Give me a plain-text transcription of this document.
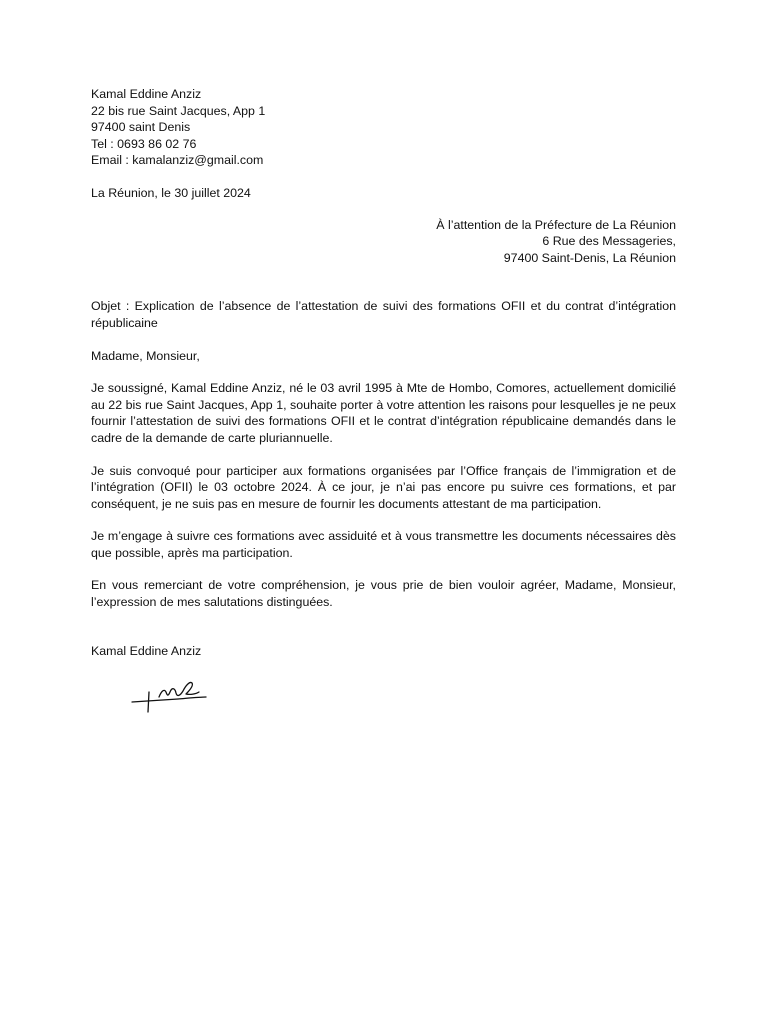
Kamal Eddine Anziz
22 bis rue Saint Jacques, App 1
97400 saint Denis
Tel : 0693 86 02 76
Email : kamalanziz@gmail.com
La Réunion, le 30 juillet 2024
À l’attention de la Préfecture de La Réunion
6 Rue des Messageries,
97400 Saint-Denis, La Réunion
Objet : Explication de l’absence de l’attestation de suivi des formations OFII et du contrat d’intégration républicaine
Madame, Monsieur,

Je soussigné, Kamal Eddine Anziz, né le 03 avril 1995 à Mte de Hombo, Comores, actuellement domicilié au 22 bis rue Saint Jacques, App 1, souhaite porter à votre attention les raisons pour lesquelles je ne peux fournir l’attestation de suivi des formations OFII et le contrat d’intégration républicaine demandés dans le cadre de la demande de carte pluriannuelle.

Je suis convoqué pour participer aux formations organisées par l’Office français de l’immigration et de l’intégration (OFII) le 03 octobre 2024. À ce jour, je n’ai pas encore pu suivre ces formations, et par conséquent, je ne suis pas en mesure de fournir les documents attestant de ma participation.

Je m’engage à suivre ces formations avec assiduité et à vous transmettre les documents nécessaires dès que possible, après ma participation.

En vous remerciant de votre compréhension, je vous prie de bien vouloir agréer, Madame, Monsieur, l’expression de mes salutations distinguées.

Kamal Eddine Anziz
